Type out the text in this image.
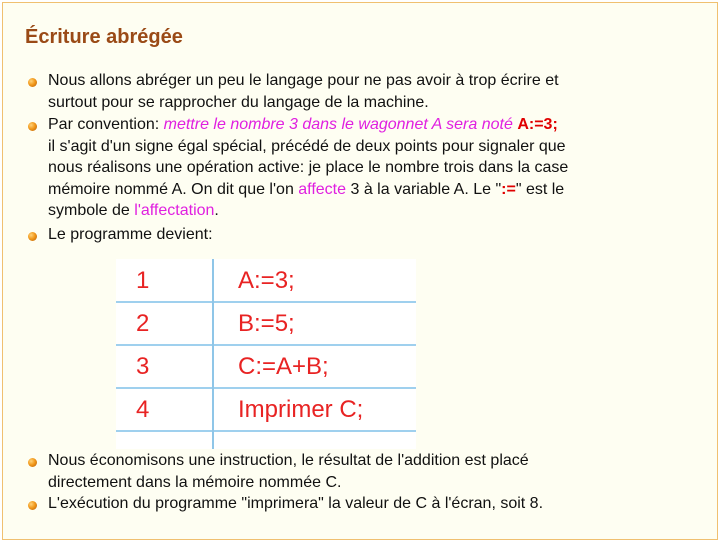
Écriture abrégée
Nous allons abréger un peu le langage pour ne pas avoir à trop écrire et
surtout pour se rapprocher du langage de la machine.
Par convention: mettre le nombre 3 dans le wagonnet A sera noté A:=3;
il s'agit d'un signe égal spécial, précédé de deux points pour signaler que
nous réalisons une opération active: je place le nombre trois dans la case
mémoire nommé A. On dit que l'on affecte 3 à la variable A. Le ":=" est le
symbole de l'affectation.
Le programme devient:
1	A:=3;
2	B:=5;
3	C:=A+B;
4	Imprimer C;
Nous économisons une instruction, le résultat de l'addition est placé
directement dans la mémoire nommée C.
L'exécution du programme "imprimera" la valeur de C à l'écran, soit 8.
